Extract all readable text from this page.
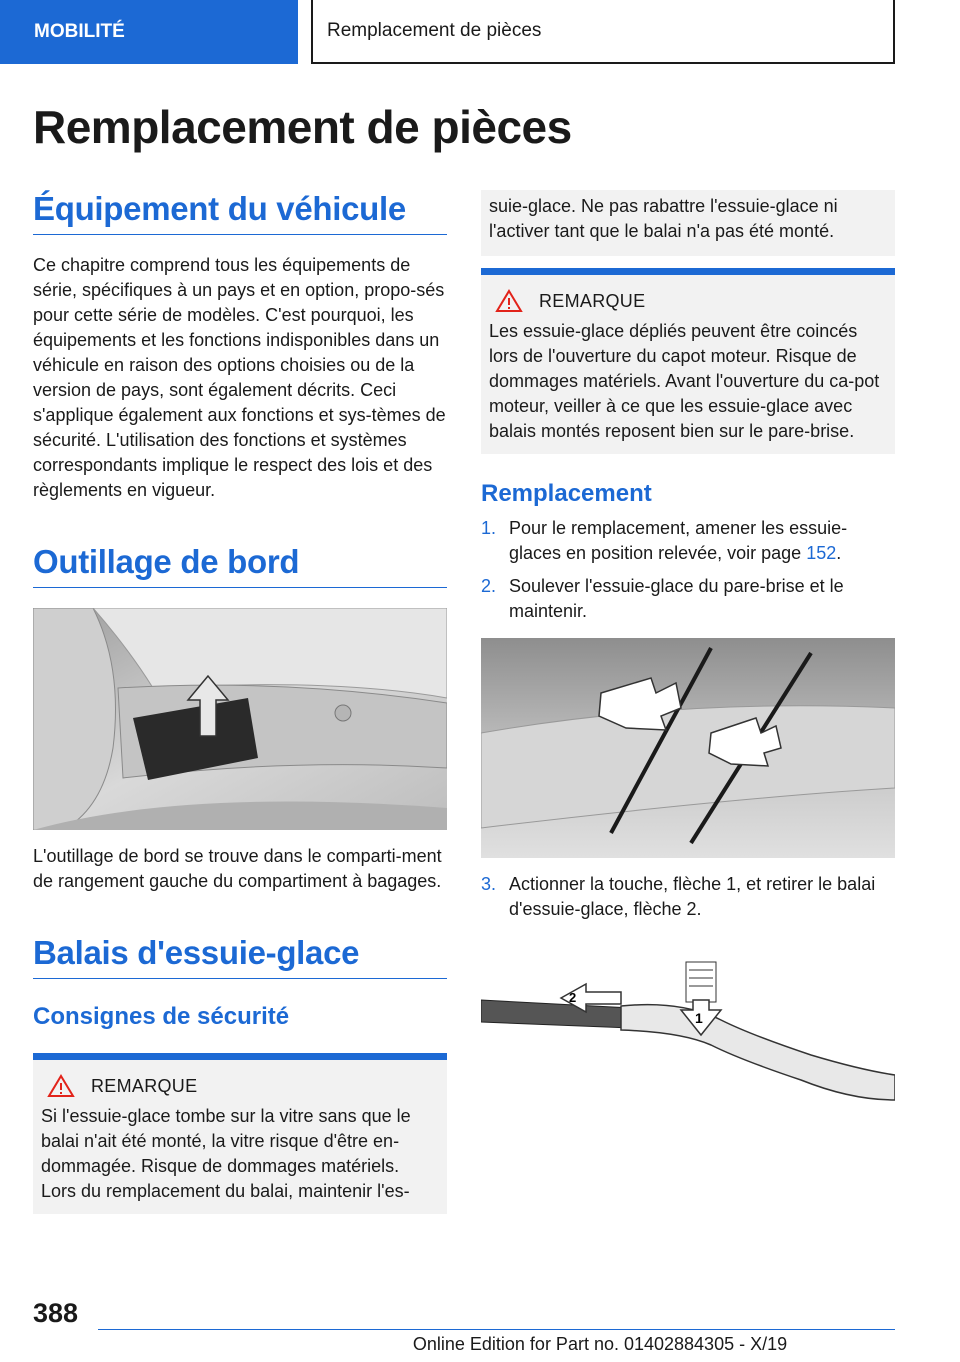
MOBILITÉ	Remplacement de pièces
Remplacement de pièces
Équipement du véhicule

Ce chapitre comprend tous les équipements de série, spécifiques à un pays et en option, propo-sés pour cette série de modèles. C'est pourquoi, les équipements et les fonctions indisponibles dans un véhicule en raison des options choisies ou de la version de pays, sont également décrits. Ceci s'applique également aux fonctions et sys-tèmes de sécurité. L'utilisation des fonctions et systèmes correspondants implique le respect des lois et des règlements en vigueur.

Outillage de bord

L'outillage de bord se trouve dans le comparti-ment de rangement gauche du compartiment à bagages.

Balais d'essuie-glace
Consignes de sécurité
REMARQUE

Si l'essuie-glace tombe sur la vitre sans que le balai n'ait été monté, la vitre risque d'être en-dommagée. Risque de dommages matériels. Lors du remplacement du balai, maintenir l'es-

suie-glace. Ne pas rabattre l'essuie-glace ni l'activer tant que le balai n'a pas été monté.

REMARQUE

Les essuie-glace dépliés peuvent être coincés lors de l'ouverture du capot moteur. Risque de dommages matériels. Avant l'ouverture du ca-pot moteur, veiller à ce que les essuie-glace avec balais montés reposent bien sur le pare-brise.

Remplacement
1. Pour le remplacement, amener les essuie-glaces en position relevée, voir page 152.
2. Soulever l'essuie-glace du pare-brise et le maintenir.
3. Actionner la touche, flèche 1, et retirer le balai d'essuie-glace, flèche 2.
1
2
388
Online Edition for Part no. 01402884305 - X/19
